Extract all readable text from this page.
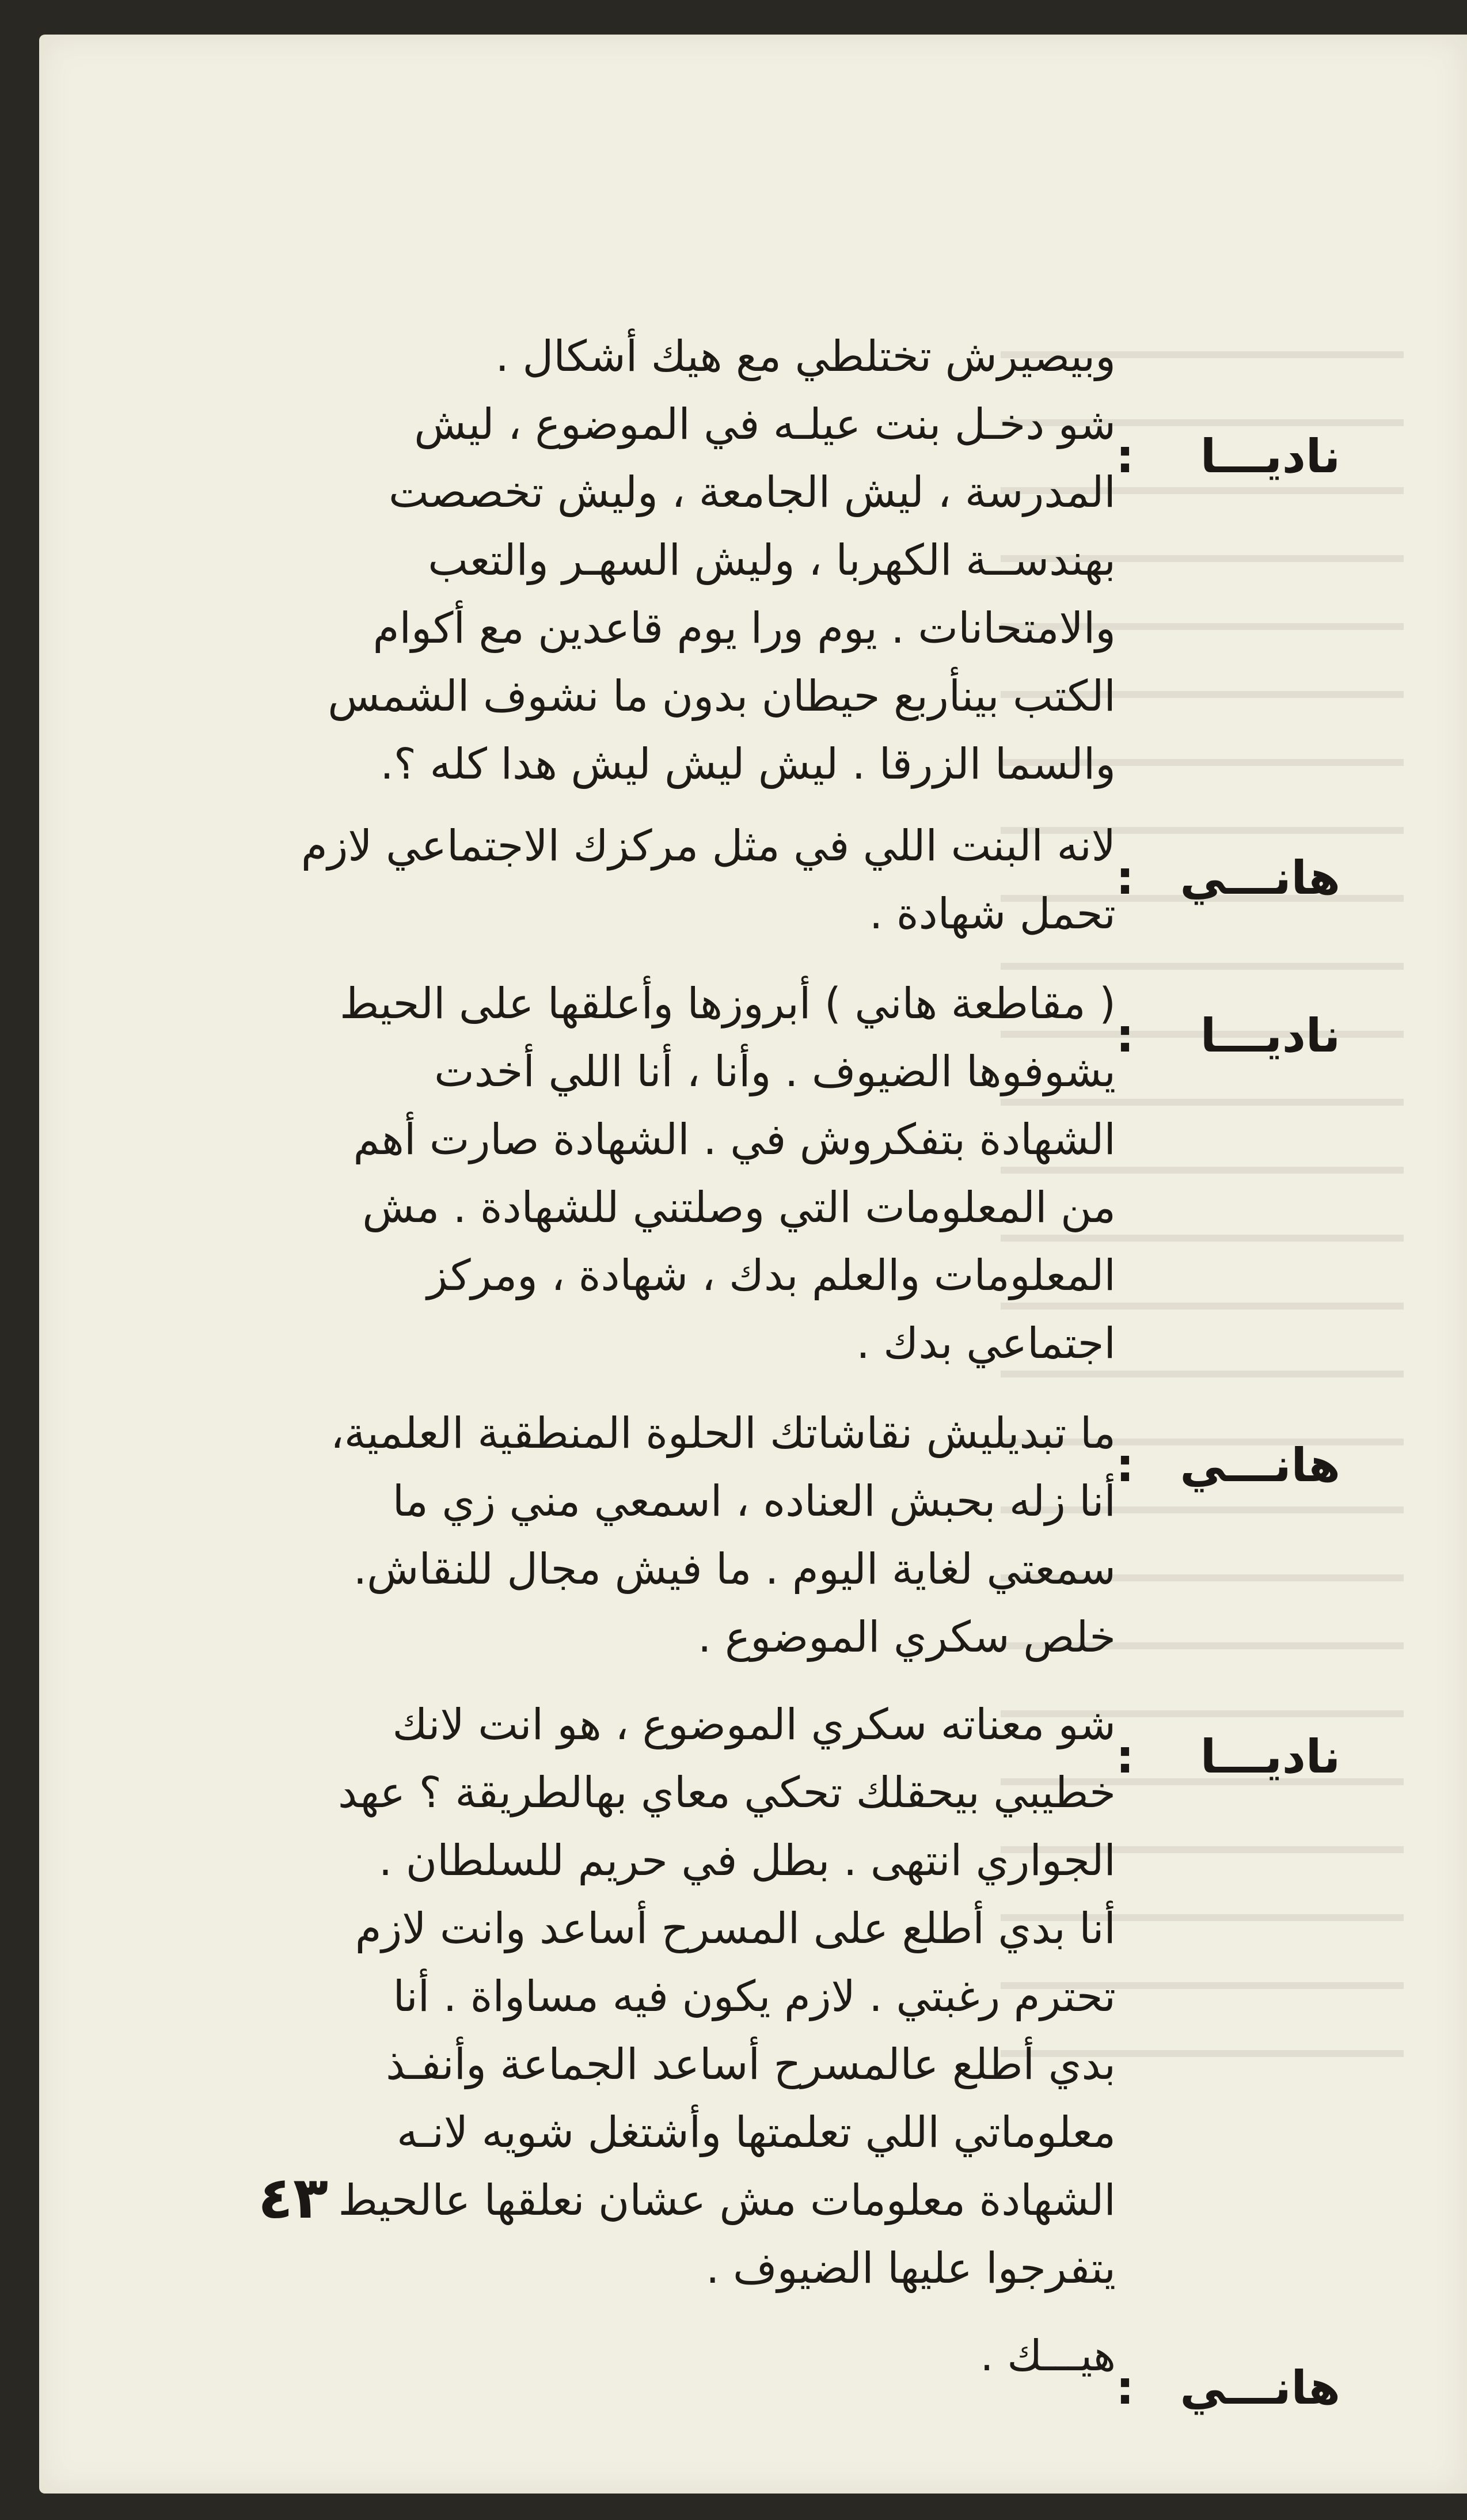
وبيصيرش تختلطي مع هيك أشكال .
ناديـــا
:
شو دخـل بنت عيلـه في الموضوع ، ليش
المدرسة ، ليش الجامعة ، وليش تخصصت
بهندســة الكهربا ، وليش السهـر والتعب
والامتحانات . يوم ورا يوم قاعدين مع أكوام
الكتب بينأربع حيطان بدون ما نشوف الشمس
والسما الزرقا . ليش ليش ليش هدا كله ؟.
هانـــي
:
لانه البنت اللي في مثل مركزك الاجتماعي لازم
تحمل شهادة .
ناديـــا
:
( مقاطعة هاني ) أبروزها وأعلقها على الحيط
يشوفوها الضيوف . وأنا ، أنا اللي أخدت
الشهادة بتفكروش في . الشهادة صارت أهم
من المعلومات التي وصلتني للشهادة . مش
المعلومات والعلم بدك ، شهادة ، ومركز
اجتماعي بدك .
هانـــي
:
ما تبديليش نقاشاتك الحلوة المنطقية العلمية،
أنا زله بحبش العناده ، اسمعي مني زي ما
سمعتي لغاية اليوم . ما فيش مجال للنقاش.
خلص سكري الموضوع .
ناديـــا
:
شو معناته سكري الموضوع ، هو انت لانك
خطيبي بيحقلك تحكي معاي بهالطريقة ؟ عهد
الجواري انتهى . بطل في حريم للسلطان .
أنا بدي أطلع على المسرح أساعد وانت لازم
تحترم رغبتي . لازم يكون فيه مساواة . أنا
بدي أطلع عالمسرح أساعد الجماعة وأنفـذ
معلوماتي اللي تعلمتها وأشتغل شويه لانـه
الشهادة معلومات مش عشان نعلقها عالحيط
يتفرجوا عليها الضيوف .
هانـــي
:
هيـــك .
٤٣
